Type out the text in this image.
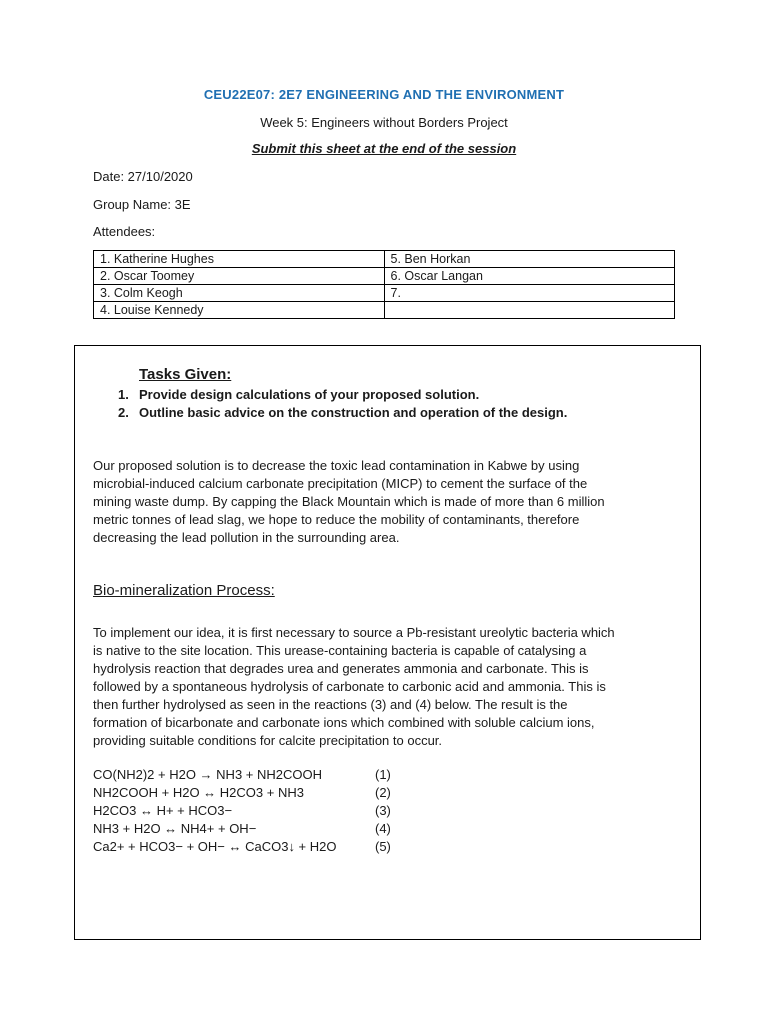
CEU22E07: 2E7 ENGINEERING AND THE ENVIRONMENT
Week 5: Engineers without Borders Project
Submit this sheet at the end of the session
Date: 27/10/2020
Group Name: 3E
Attendees:
1. Katherine Hughes	5. Ben Horkan
2. Oscar Toomey	6. Oscar Langan
3. Colm Keogh	7.
4. Louise Kennedy	
Tasks Given:
1. Provide design calculations of your proposed solution.
2. Outline basic advice on the construction and operation of the design.
Our proposed solution is to decrease the toxic lead contamination in Kabwe by using
microbial-induced calcium carbonate precipitation (MICP) to cement the surface of the
mining waste dump. By capping the Black Mountain which is made of more than 6 million
metric tonnes of lead slag, we hope to reduce the mobility of contaminants, therefore
decreasing the lead pollution in the surrounding area.
Bio-mineralization Process:
To implement our idea, it is first necessary to source a Pb-resistant ureolytic bacteria which
is native to the site location. This urease-containing bacteria is capable of catalysing a
hydrolysis reaction that degrades urea and generates ammonia and carbonate. This is
followed by a spontaneous hydrolysis of carbonate to carbonic acid and ammonia. This is
then further hydrolysed as seen in the reactions (3) and (4) below. The result is the
formation of bicarbonate and carbonate ions which combined with soluble calcium ions,
providing suitable conditions for calcite precipitation to occur.
CO(NH2)2 + H2O → NH3 + NH2COOH	(1)
NH2COOH + H2O ↔ H2CO3 + NH3	(2)
H2CO3 ↔ H+ + HCO3−	(3)
NH3 + H2O ↔ NH4+ + OH−	(4)
Ca2+ + HCO3− + OH− ↔ CaCO3↓ + H2O	(5)
